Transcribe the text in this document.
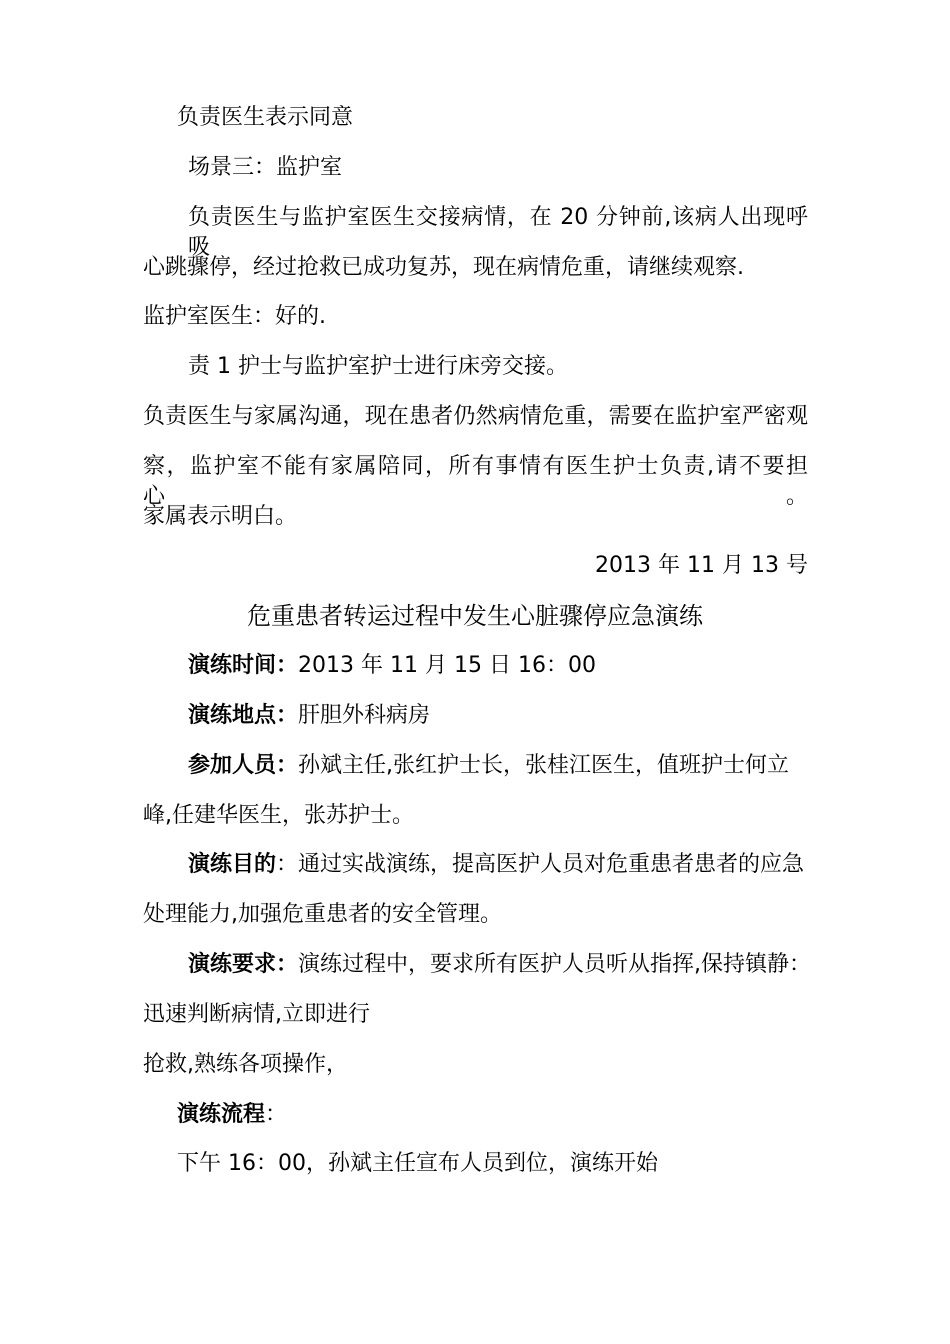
负责医生表示同意
场景三：监护室
负责医生与监护室医生交接病情，在 20 分钟前,该病人出现呼吸
心跳骤停，经过抢救已成功复苏，现在病情危重，请继续观察.
监护室医生：好的.
责 1 护士与监护室护士进行床旁交接。
负责医生与家属沟通，现在患者仍然病情危重，需要在监护室严密观
察，监护室不能有家属陪同，所有事情有医生护士负责,请不要担心。
家属表示明白。
2013 年 11 月 13 号
危重患者转运过程中发生心脏骤停应急演练
演练时间：2013 年 11 月 15 日 16：00
演练地点：肝胆外科病房
参加人员：孙斌主任,张红护士长，张桂江医生，值班护士何立
峰,任建华医生，张苏护士。
演练目的：通过实战演练，提高医护人员对危重患者患者的应急
处理能力,加强危重患者的安全管理。
演练要求：演练过程中，要求所有医护人员听从指挥,保持镇静：
迅速判断病情,立即进行
抢救,熟练各项操作，
演练流程：
下午 16：00，孙斌主任宣布人员到位，演练开始
